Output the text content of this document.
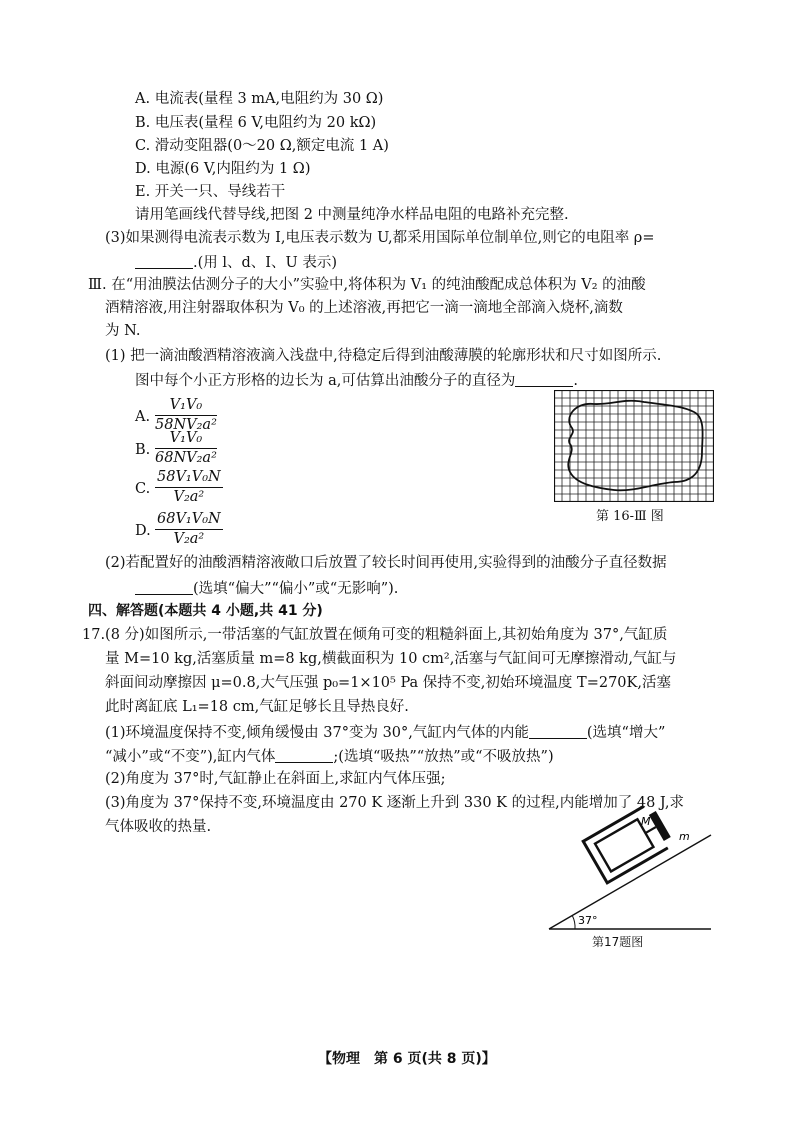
A. 电流表(量程 3 mA,电阻约为 30 Ω)
B. 电压表(量程 6 V,电阻约为 20 kΩ)
C. 滑动变阻器(0～20 Ω,额定电流 1 A)
D. 电源(6 V,内阻约为 1 Ω)
E. 开关一只、导线若干
请用笔画线代替导线,把图 2 中测量纯净水样品电阻的电路补充完整.
(3)如果测得电流表示数为 I,电压表示数为 U,都采用国际单位制单位,则它的电阻率 ρ=
.(用 l、d、I、U 表示)
Ⅲ. 在“用油膜法估测分子的大小”实验中,将体积为 V₁ 的纯油酸配成总体积为 V₂ 的油酸
酒精溶液,用注射器取体积为 V₀ 的上述溶液,再把它一滴一滴地全部滴入烧杯,滴数
为 N.
(1) 把一滴油酸酒精溶液滴入浅盘中,待稳定后得到油酸薄膜的轮廓形状和尺寸如图所示.
图中每个小正方形格的边长为 a,可估算出油酸分子的直径为	.
A. $\frac{\text{V₁V₀}}{\text{58NV₂a²}}$
B. $\frac{\text{V₁V₀}}{\text{68NV₂a²}}$
C. $\frac{\text{58V₁V₀N}}{\text{V₂a²}}$
D. $\frac{\text{68V₁V₀N}}{\text{V₂a²}}$	第 16-Ⅲ 图
(2)若配置好的油酸酒精溶液敞口后放置了较长时间再使用,实验得到的油酸分子直径数据
(选填“偏大”“偏小”或“无影响”).
四、解答题(本题共 4 小题,共 41 分)
17.(8 分)如图所示,一带活塞的气缸放置在倾角可变的粗糙斜面上,其初始角度为 37°,气缸质
量 M=10 kg,活塞质量 m=8 kg,横截面积为 10 cm²,活塞与气缸间可无摩擦滑动,气缸与
斜面间动摩擦因 μ=0.8,大气压强 p₀=1×10⁵ Pa 保持不变,初始环境温度 T=270K,活塞
此时离缸底 L₁=18 cm,气缸足够长且导热良好.
(1)环境温度保持不变,倾角缓慢由 37°变为 30°,气缸内气体的内能	(选填“增大”
“减小”或“不变”),缸内气体	;(选填“吸热”“放热”或“不吸放热”)
(2)角度为 37°时,气缸静止在斜面上,求缸内气体压强;
(3)角度为 37°保持不变,环境温度由 270 K 逐渐上升到 330 K 的过程,内能增加了 48 J,求
气体吸收的热量.	M
m
37°
第17题图
【物理　第 6 页(共 8 页)】
